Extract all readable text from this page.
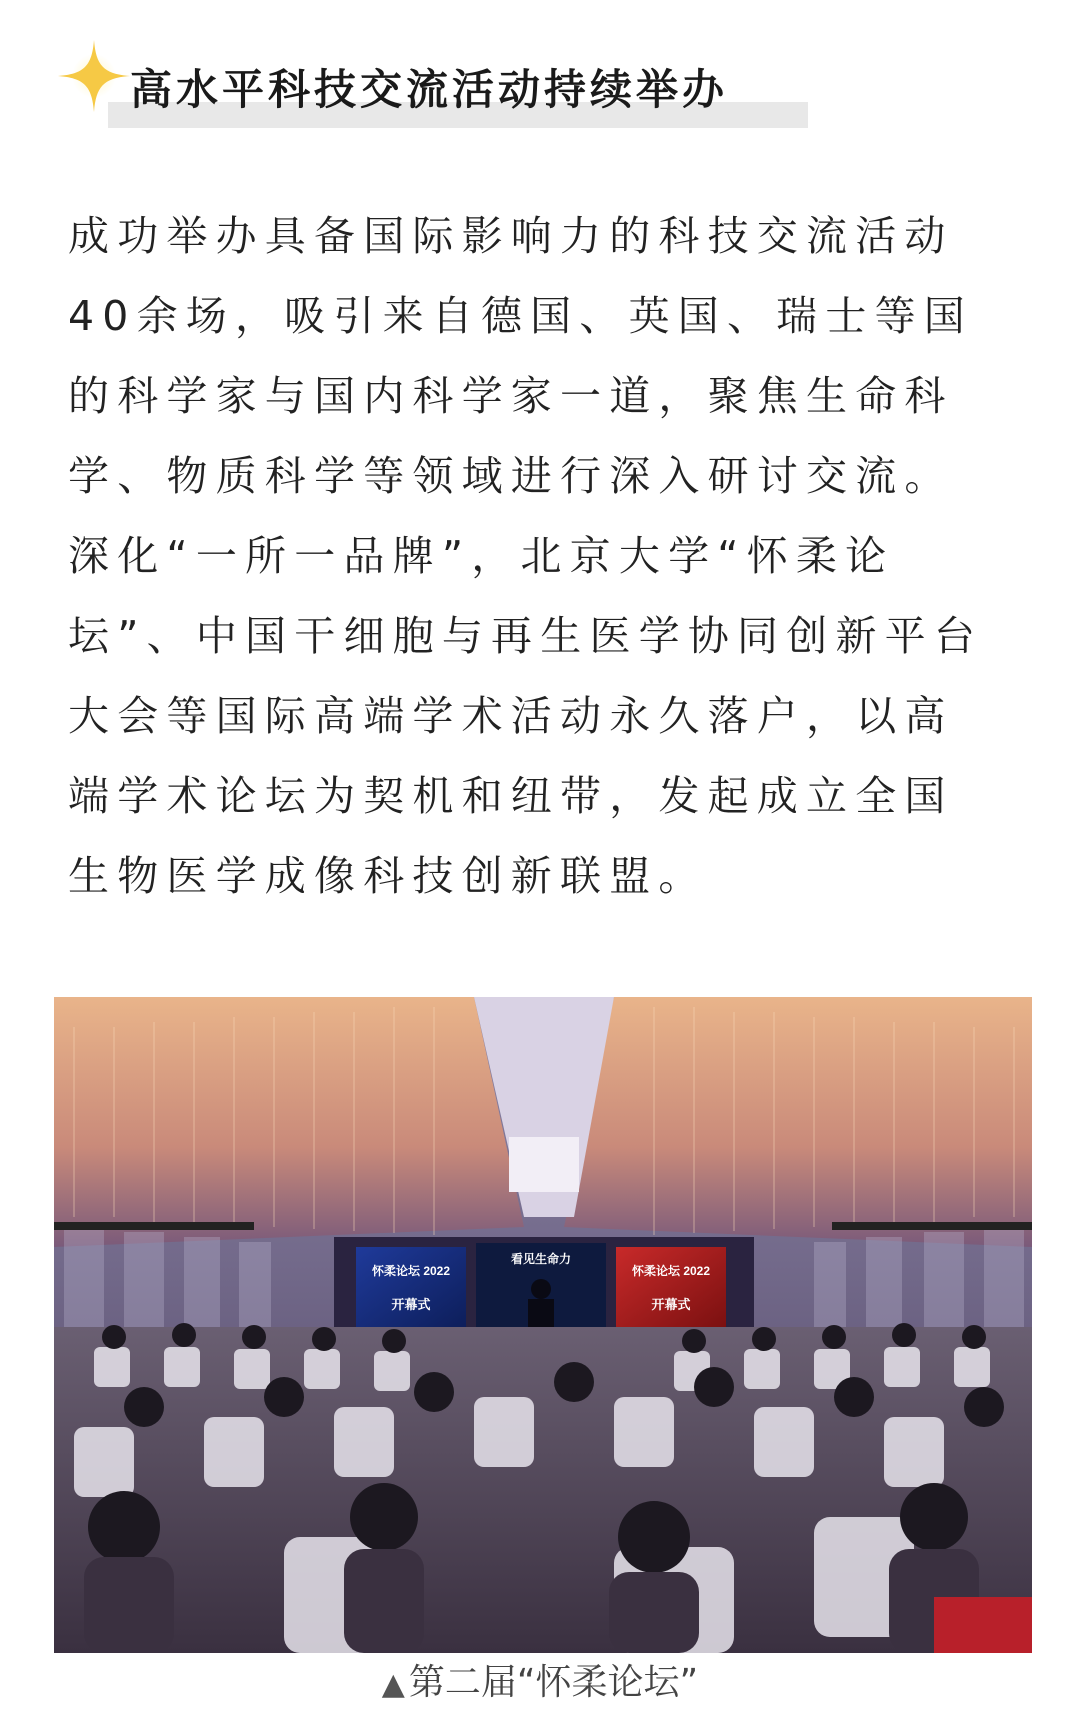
高水平科技交流活动持续举办

成功举办具备国际影响力的科技交流活动
40余场，吸引来自德国、英国、瑞士等国
的科学家与国内科学家一道，聚焦生命科
学、物质科学等领域进行深入研讨交流。
深化“一所一品牌”，北京大学“怀柔论
坛”、中国干细胞与再生医学协同创新平台
大会等国际高端学术活动永久落户，以高
端学术论坛为契机和纽带，发起成立全国
生物医学成像科技创新联盟。

怀柔论坛 2022
开幕式
看见生命力
怀柔论坛 2022
开幕式
▲ 第二届“怀柔论坛”
